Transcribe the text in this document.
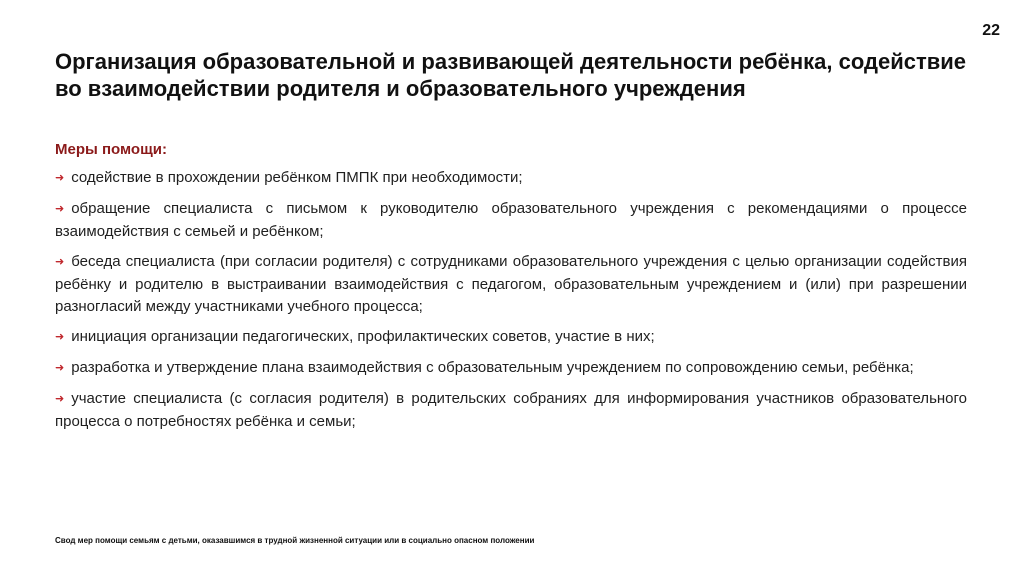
22
Организация образовательной и развивающей деятельности ребёнка, содействие во взаимодействии родителя и образовательного учреждения
Меры помощи:
➜ содействие в прохождении ребёнком ПМПК при необходимости;
➜ обращение специалиста с письмом к руководителю образовательного учреждения с рекомендациями о процессе взаимодействия с семьей и ребёнком;
➜ беседа специалиста (при согласии родителя) с сотрудниками образовательного учреждения с целью организации содействия ребёнку и родителю в выстраивании взаимодействия с педагогом, образовательным учреждением и (или) при разрешении разногласий между участниками учебного процесса;
➜ инициация организации педагогических, профилактических советов, участие в них;
➜ разработка и утверждение плана взаимодействия с образовательным учреждением по сопровождению семьи, ребёнка;
➜ участие специалиста (с согласия родителя) в родительских собраниях для информирования участников образовательного процесса о потребностях ребёнка и семьи;
Свод мер помощи семьям с детьми, оказавшимся в трудной жизненной ситуации или в социально опасном положении
